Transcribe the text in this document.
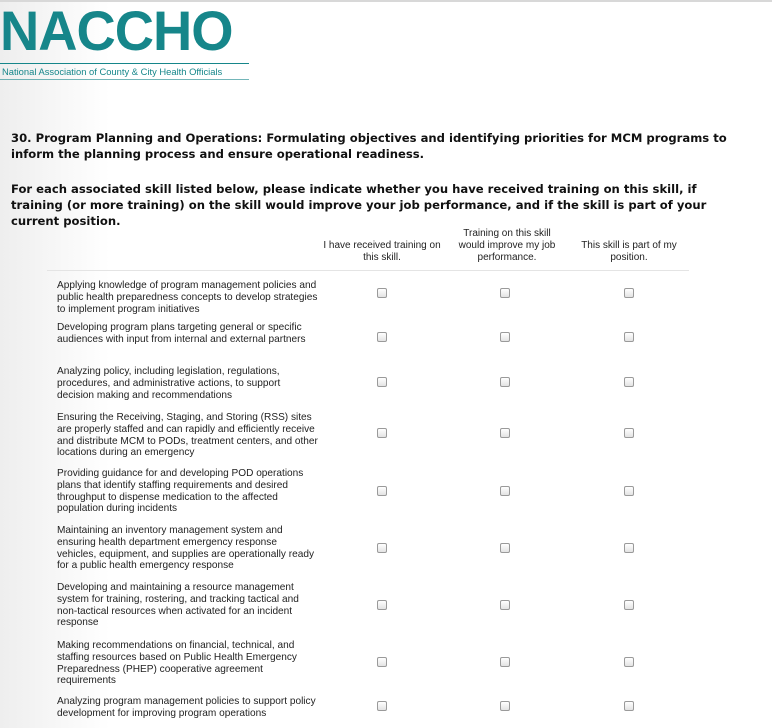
NACCHO
National Association of County & City Health Officials
30. Program Planning and Operations: Formulating objectives and identifying priorities for MCM programs to inform the planning process and ensure operational readiness.
For each associated skill listed below, please indicate whether you have received training on this skill, if training (or more training) on the skill would improve your job performance, and if the skill is part of your current position.
I have received training on this skill.
Training on this skill would improve my job performance.
This skill is part of my position.
Applying knowledge of program management policies and public health preparedness concepts to develop strategies to implement program initiatives
Developing program plans targeting general or specific audiences with input from internal and external partners
Analyzing policy, including legislation, regulations, procedures, and administrative actions, to support decision making and recommendations
Ensuring the Receiving, Staging, and Storing (RSS) sites are properly staffed and can rapidly and efficiently receive and distribute MCM to PODs, treatment centers, and other locations during an emergency
Providing guidance for and developing POD operations plans that identify staffing requirements and desired throughput to dispense medication to the affected population during incidents
Maintaining an inventory management system and ensuring health department emergency response vehicles, equipment, and supplies are operationally ready for a public health emergency response
Developing and maintaining a resource management system for training, rostering, and tracking tactical and non-tactical resources when activated for an incident response
Making recommendations on financial, technical, and staffing resources based on Public Health Emergency Preparedness (PHEP) cooperative agreement requirements
Analyzing program management policies to support policy development for improving program operations
